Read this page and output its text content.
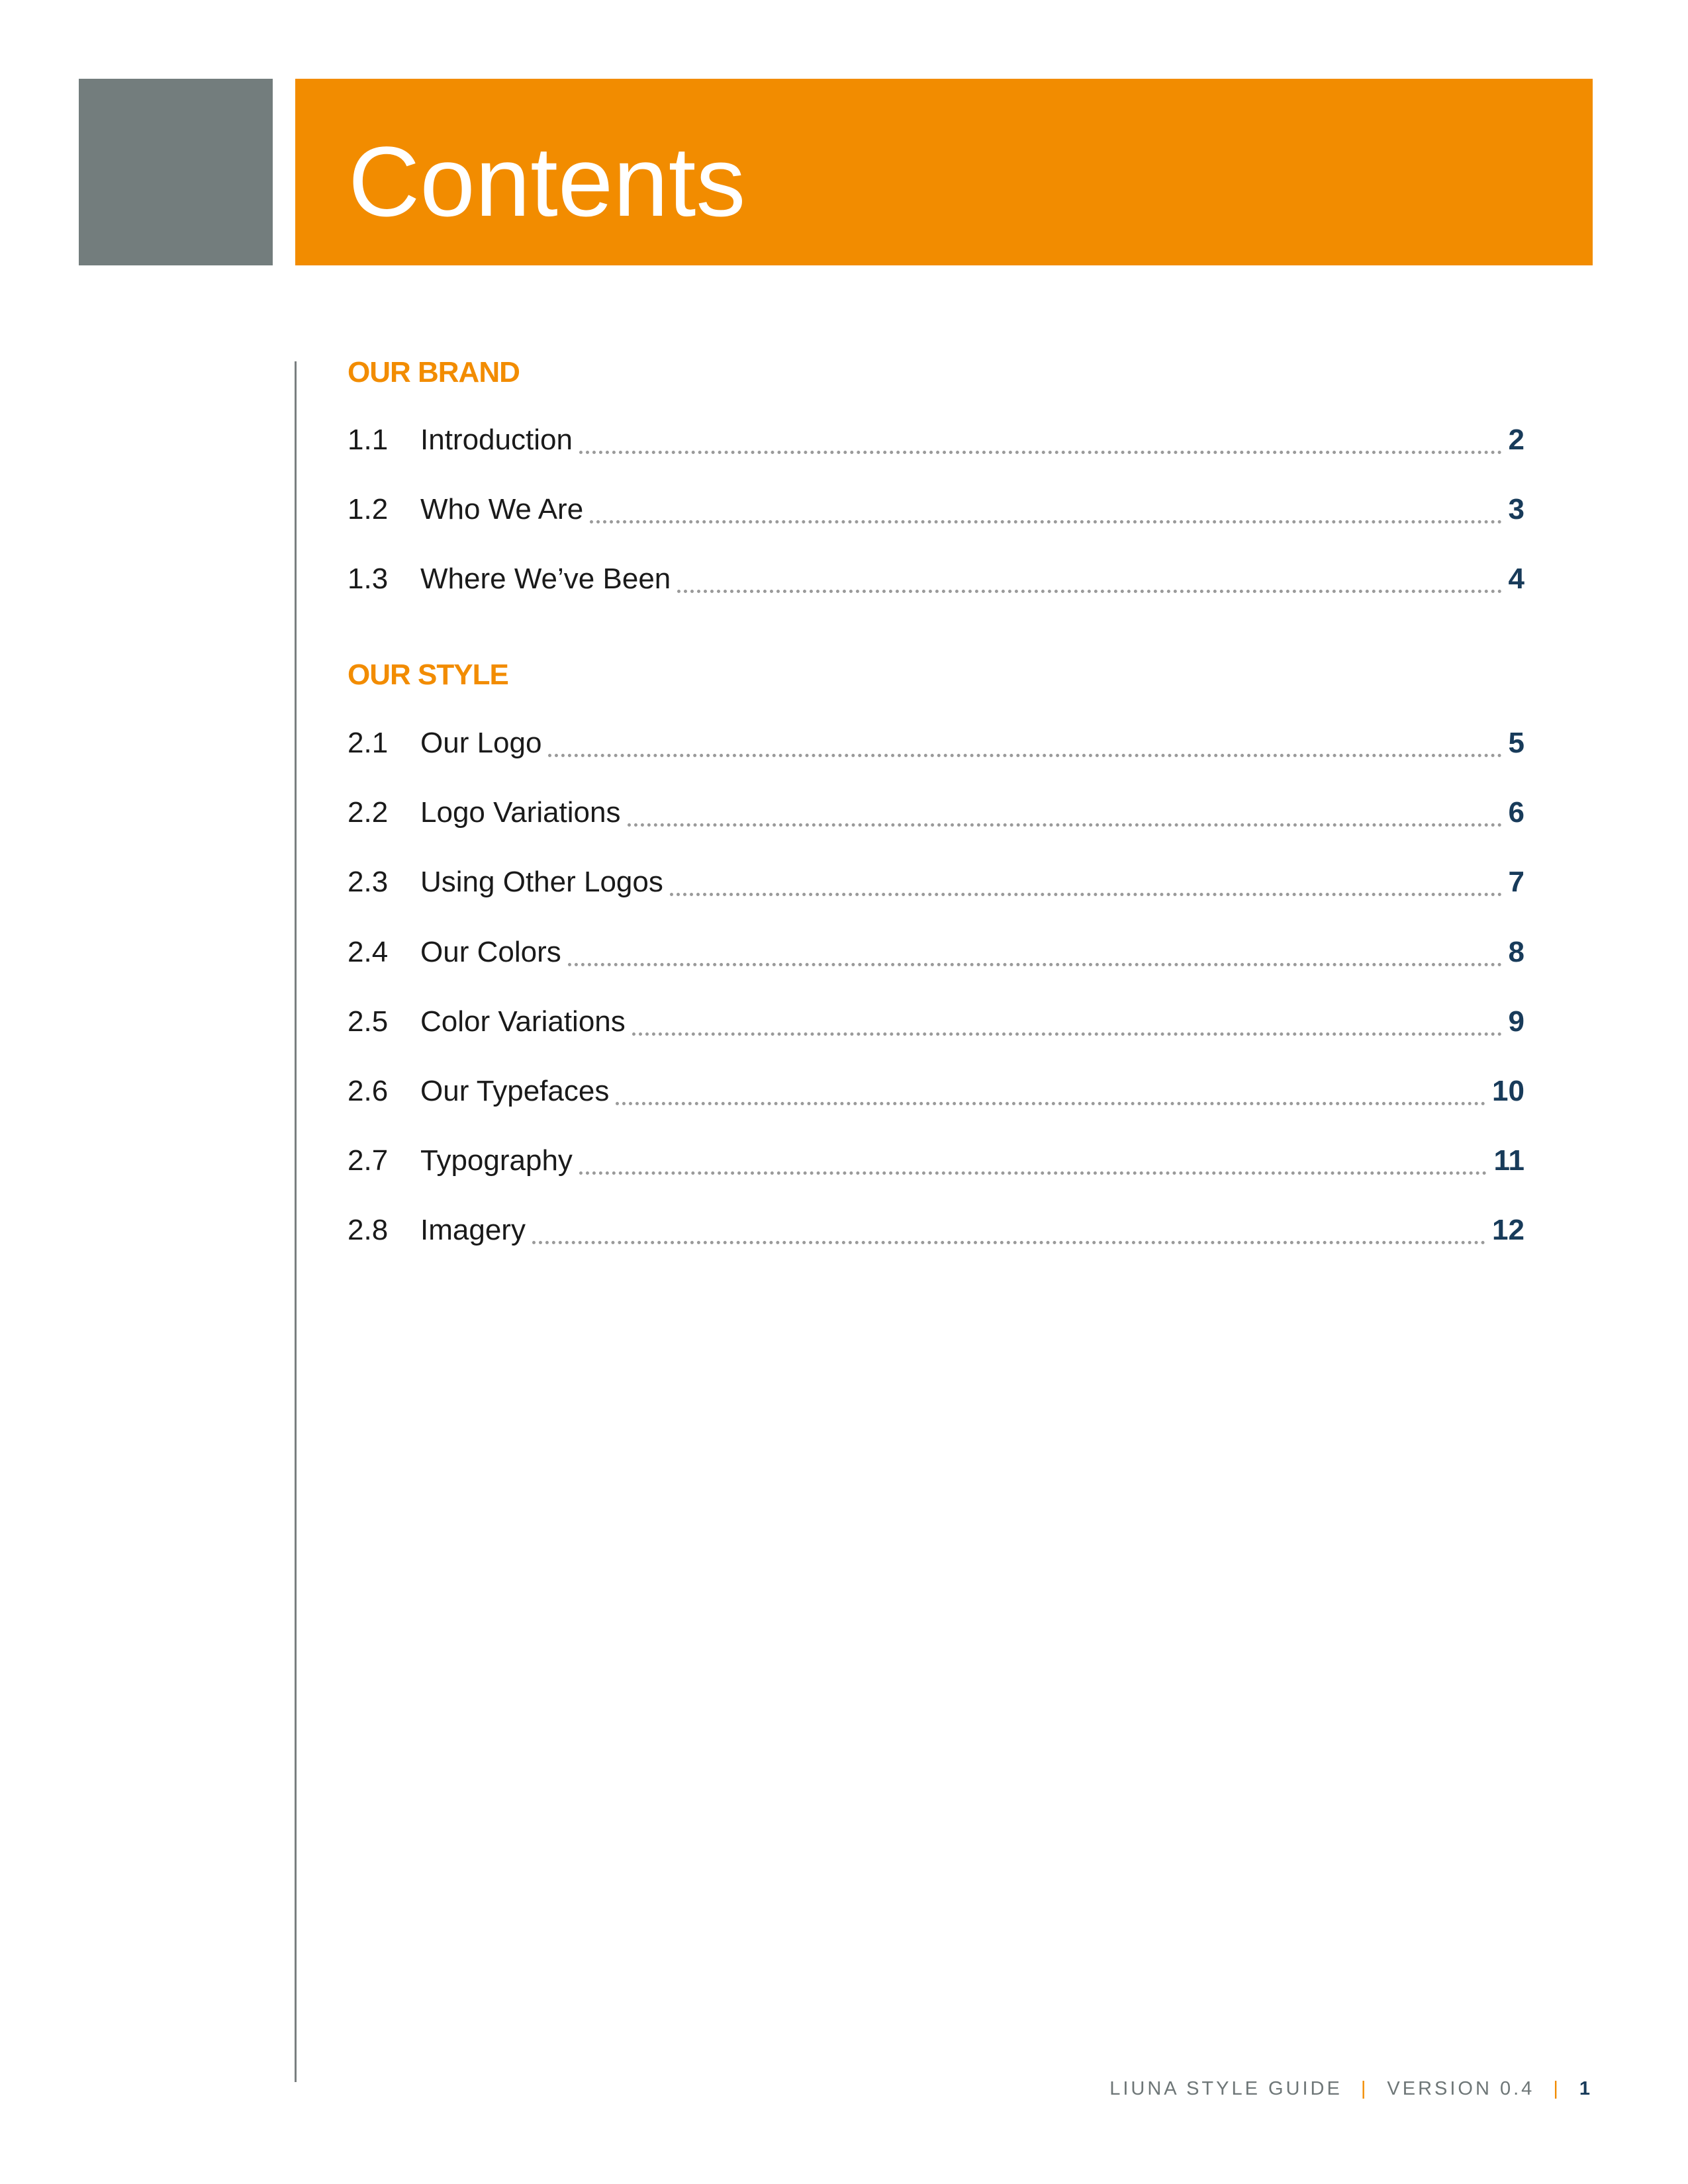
Contents
OUR BRAND
1.1	Introduction	2
1.2	Who We Are	3
1.3	Where We’ve Been	4
2.1	Our Logo	5
2.2	Logo Variations	6
2.3	Using Other Logos	7
2.4	Our Colors	8
2.5	Color Variations	9
2.6	Our Typefaces	10
2.7	Typography	11
2.8	Imagery	12
OUR STYLE
LIUNA STYLE GUIDE | VERSION 0.4 | 1
